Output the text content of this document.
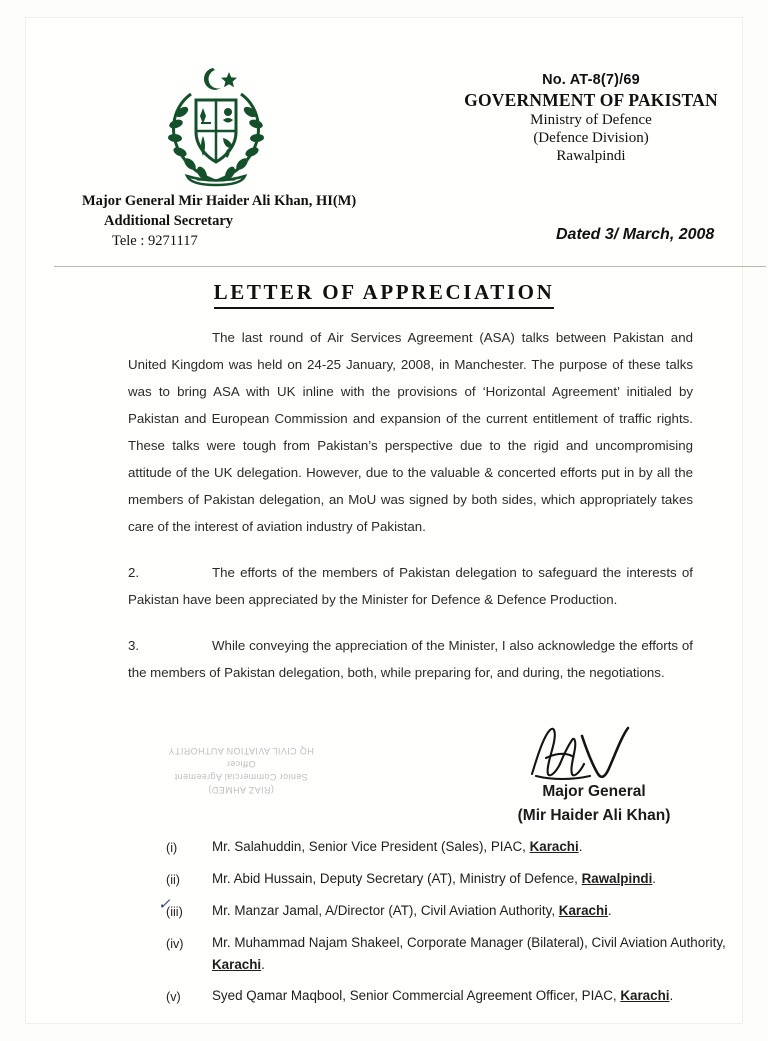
No. AT-8(7)/69
GOVERNMENT OF PAKISTAN
Ministry of Defence
(Defence Division)
Rawalpindi
Major General Mir Haider Ali Khan, HI(M)
Additional Secretary
Tele : 9271117	Dated 3/ March, 2008
LETTER OF APPRECIATION
The last round of Air Services Agreement (ASA) talks between Pakistan and United Kingdom was held on 24-25 January, 2008, in Manchester. The purpose of these talks was to bring ASA with UK inline with the provisions of ‘Horizontal Agreement’ initialed by Pakistan and European Commission and expansion of the current entitlement of traffic rights. These talks were tough from Pakistan’s perspective due to the rigid and uncompromising attitude of the UK delegation. However, due to the valuable & concerted efforts put in by all the members of Pakistan delegation, an MoU was signed by both sides, which appropriately takes care of the interest of aviation industry of Pakistan.
2.	The efforts of the members of Pakistan delegation to safeguard the interests of Pakistan have been appreciated by the Minister for Defence & Defence Production.
3.	While conveying the appreciation of the Minister, I also acknowledge the efforts of the members of Pakistan delegation, both, while preparing for, and during, the negotiations.
Major General
(Mir Haider Ali Khan)
(RIAZ AHMED)
Senior Commercial Agreement Officer
HQ CIVIL AVIATION AUTHORITY
✓
(i)	Mr. Salahuddin, Senior Vice President (Sales), PIAC, Karachi.
(ii)	Mr. Abid Hussain, Deputy Secretary (AT), Ministry of Defence, Rawalpindi.
(iii)	Mr. Manzar Jamal, A/Director (AT), Civil Aviation Authority, Karachi.
(iv)	Mr. Muhammad Najam Shakeel, Corporate Manager (Bilateral), Civil Aviation Authority, Karachi.
(v)	Syed Qamar Maqbool, Senior Commercial Agreement Officer, PIAC, Karachi.
